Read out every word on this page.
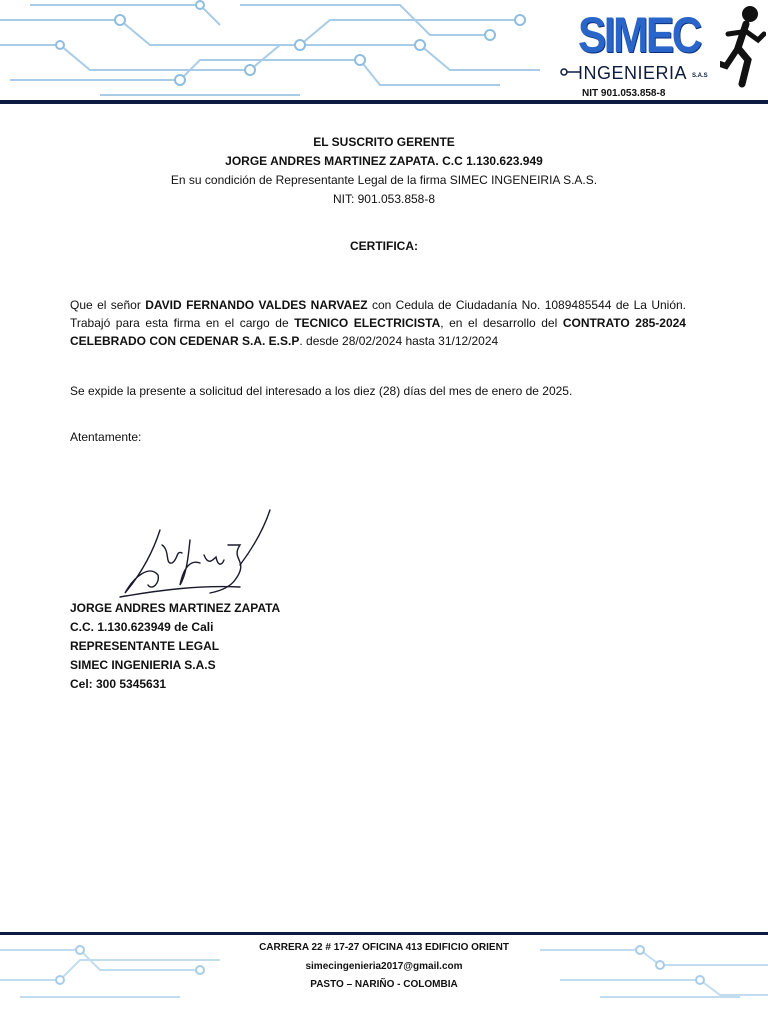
SIMEC
INGENIERIA S.A.S
NIT 901.053.858-8
EL SUSCRITO GERENTE
JORGE ANDRES MARTINEZ ZAPATA. C.C 1.130.623.949
En su condición de Representante Legal de la firma SIMEC INGENEIRIA S.A.S.
NIT: 901.053.858-8
CERTIFICA:
Que el señor DAVID FERNANDO VALDES NARVAEZ con Cedula de Ciudadanía No. 1089485544 de La Unión. Trabajó para esta firma en el cargo de TECNICO ELECTRICISTA, en el desarrollo del CONTRATO 285-2024 CELEBRADO CON CEDENAR S.A. E.S.P. desde 28/02/2024 hasta 31/12/2024
Se expide la presente a solicitud del interesado a los diez (28) días del mes de enero de 2025.
Atentamente:
JORGE ANDRES MARTINEZ ZAPATA
C.C. 1.130.623949 de Cali
REPRESENTANTE LEGAL
SIMEC INGENIERIA S.A.S
Cel: 300 5345631
CARRERA 22 # 17-27 OFICINA 413 EDIFICIO ORIENT
simecingenieria2017@gmail.com
PASTO – NARIÑO - COLOMBIA
